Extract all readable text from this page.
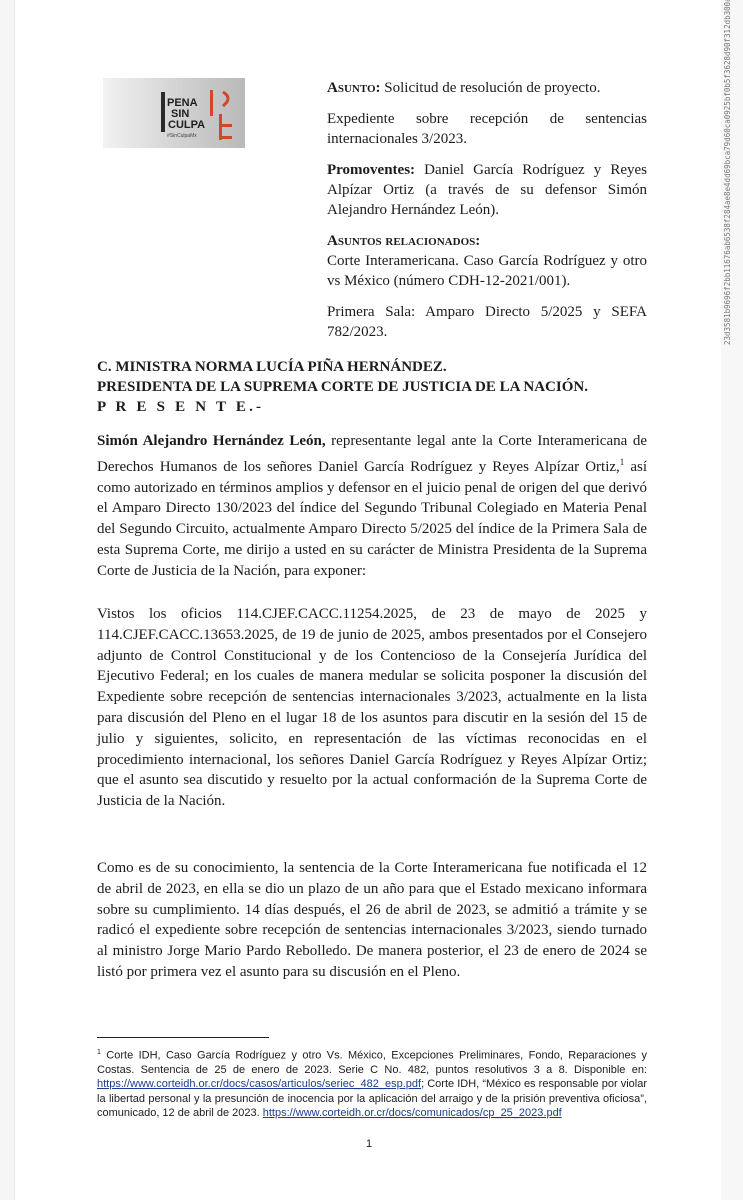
PENA
SIN
CULPA
#SinCulpaMx

Asunto: Solicitud de resolución de proyecto.

Expediente sobre recepción de sentencias internacionales 3/2023.

Promoventes: Daniel García Rodríguez y Reyes Alpízar Ortiz (a través de su defensor Simón Alejandro Hernández León).

Asuntos relacionados:
Corte Interamericana. Caso García Rodríguez y otro vs México (número CDH-12-2021/001).

Primera Sala: Amparo Directo 5/2025 y SEFA 782/2023.

C. MINISTRA NORMA LUCÍA PIÑA HERNÁNDEZ.
PRESIDENTA DE LA SUPREMA CORTE DE JUSTICIA DE LA NACIÓN.
P R E S E N T E.-
Simón Alejandro Hernández León, representante legal ante la Corte Interamericana de Derechos Humanos de los señores Daniel García Rodríguez y Reyes Alpízar Ortiz,$^1$ así como autorizado en términos amplios y defensor en el juicio penal de origen del que derivó el Amparo Directo 130/2023 del índice del Segundo Tribunal Colegiado en Materia Penal del Segundo Circuito, actualmente Amparo Directo 5/2025 del índice de la Primera Sala de esta Suprema Corte, me dirijo a usted en su carácter de Ministra Presidenta de la Suprema Corte de Justicia de la Nación, para exponer:
Vistos los oficios 114.CJEF.CACC.11254.2025, de 23 de mayo de 2025 y 114.CJEF.CACC.13653.2025, de 19 de junio de 2025, ambos presentados por el Consejero adjunto de Control Constitucional y de los Contencioso de la Consejería Jurídica del Ejecutivo Federal; en los cuales de manera medular se solicita posponer la discusión del Expediente sobre recepción de sentencias internacionales 3/2023, actualmente en la lista para discusión del Pleno en el lugar 18 de los asuntos para discutir en la sesión del 15 de julio y siguientes, solicito, en representación de las víctimas reconocidas en el procedimiento internacional, los señores Daniel García Rodríguez y Reyes Alpízar Ortiz; que el asunto sea discutido y resuelto por la actual conformación de la Suprema Corte de Justicia de la Nación.
Como es de su conocimiento, la sentencia de la Corte Interamericana fue notificada el 12 de abril de 2023, en ella se dio un plazo de un año para que el Estado mexicano informara sobre su cumplimiento. 14 días después, el 26 de abril de 2023, se admitió a trámite y se radicó el expediente sobre recepción de sentencias internacionales 3/2023, siendo turnado al ministro Jorge Mario Pardo Rebolledo. De manera posterior, el 23 de enero de 2024 se listó por primera vez el asunto para su discusión en el Pleno.
$^1$ Corte IDH, Caso García Rodríguez y otro Vs. México, Excepciones Preliminares, Fondo, Reparaciones y Costas. Sentencia de 25 de enero de 2023. Serie C No. 482, puntos resolutivos 3 a 8. Disponible en: https://www.corteidh.or.cr/docs/casos/articulos/seriec_482_esp.pdf; Corte IDH, “México es responsable por violar la libertad personal y la presunción de inocencia por la aplicación del arraigo y de la prisión preventiva oficiosa”, comunicado, 12 de abril de 2023. https://www.corteidh.or.cr/docs/comunicados/cp_25_2023.pdf
1
